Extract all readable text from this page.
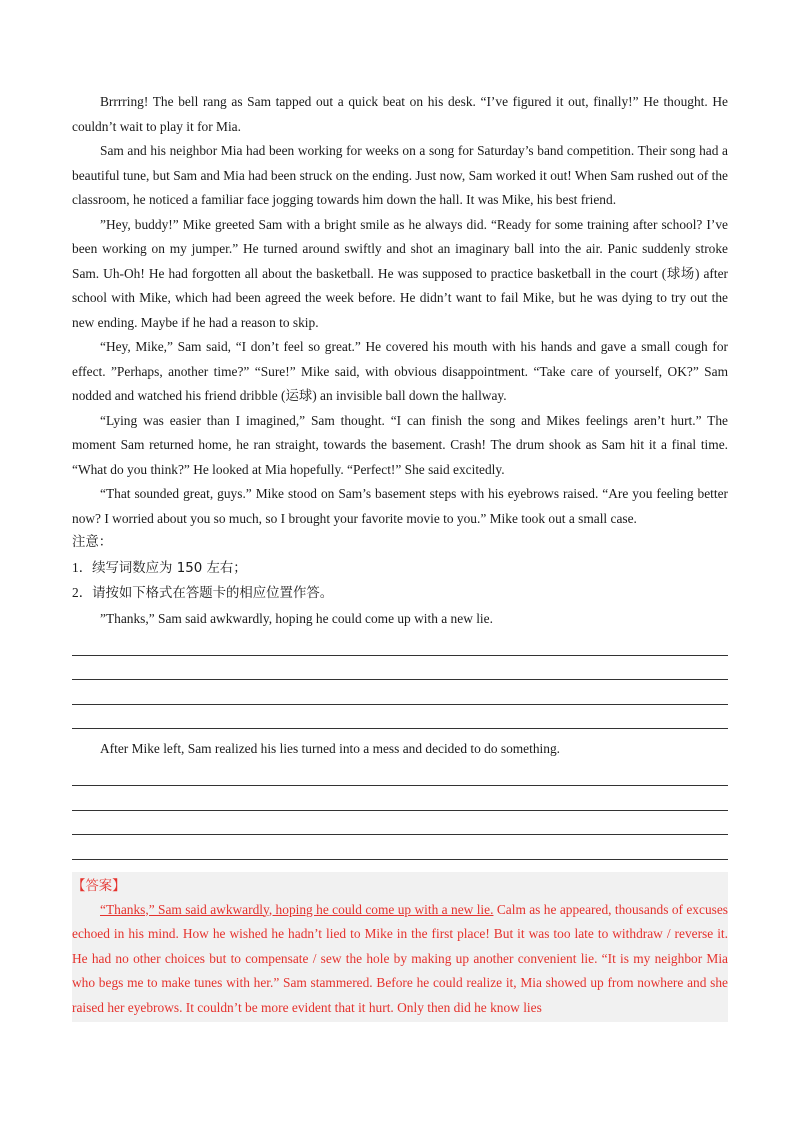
Brrrring! The bell rang as Sam tapped out a quick beat on his desk. “I’ve figured it out, finally!” He thought. He couldn’t wait to play it for Mia.

Sam and his neighbor Mia had been working for weeks on a song for Saturday’s band competition. Their song had a beautiful tune, but Sam and Mia had been struck on the ending. Just now, Sam worked it out! When Sam rushed out of the classroom, he noticed a familiar face jogging towards him down the hall. It was Mike, his best friend.

”Hey, buddy!” Mike greeted Sam with a bright smile as he always did. “Ready for some training after school? I’ve been working on my jumper.” He turned around swiftly and shot an imaginary ball into the air. Panic suddenly stroke Sam. Uh-Oh! He had forgotten all about the basketball. He was supposed to practice basketball in the court (球场) after school with Mike, which had been agreed the week before. He didn’t want to fail Mike, but he was dying to try out the new ending. Maybe if he had a reason to skip.

“Hey, Mike,” Sam said, “I don’t feel so great.” He covered his mouth with his hands and gave a small cough for effect. ”Perhaps, another time?” “Sure!” Mike said, with obvious disappointment. “Take care of yourself, OK?” Sam nodded and watched his friend dribble (运球) an invisible ball down the hallway.

“Lying was easier than I imagined,” Sam thought. “I can finish the song and Mikes feelings aren’t hurt.” The moment Sam returned home, he ran straight, towards the basement. Crash! The drum shook as Sam hit it a final time. “What do you think?” He looked at Mia hopefully. “Perfect!” She said excitedly.

“That sounded great, guys.” Mike stood on Sam’s basement steps with his eyebrows raised. “Are you feeling better now? I worried about you so much, so I brought your favorite movie to you.” Mike took out a small case.

注意：

1．续写词数应为 150 左右；

2．请按如下格式在答题卡的相应位置作答。

”Thanks,” Sam said awkwardly, hoping he could come up with a new lie.

After Mike left, Sam realized his lies turned into a mess and decided to do something.

【答案】

“Thanks,” Sam said awkwardly, hoping he could come up with a new lie. Calm as he appeared, thousands of excuses echoed in his mind. How he wished he hadn’t lied to Mike in the first place! But it was too late to withdraw / reverse it. He had no other choices but to compensate / sew the hole by making up another convenient lie. “It is my neighbor Mia who begs me to make tunes with her.” Sam stammered. Before he could realize it, Mia showed up from nowhere and she raised her eyebrows. It couldn’t be more evident that it hurt. Only then did he know lies
